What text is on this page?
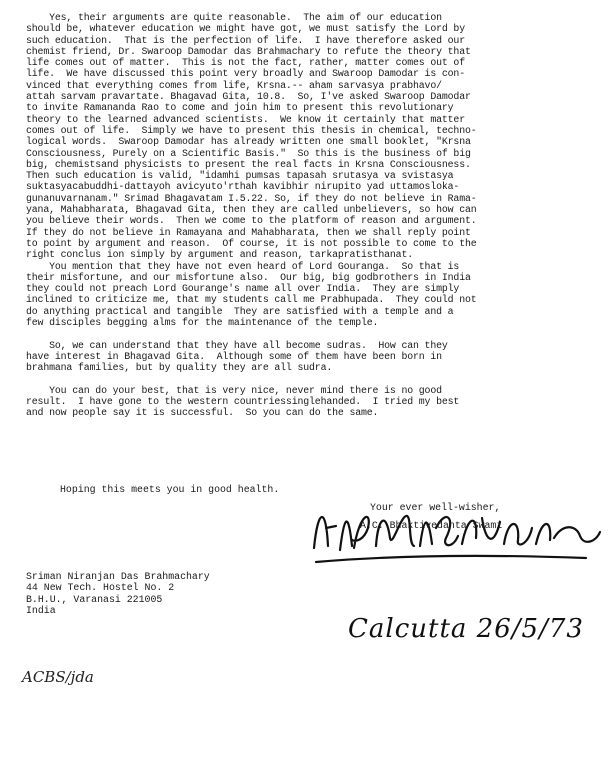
Yes, their arguments are quite reasonable.  The aim of our education
should be, whatever education we might have got, we must satisfy the Lord by
such education.  That is the perfection of life.  I have therefore asked our
chemist friend, Dr. Swaroop Damodar das Brahmachary to refute the theory that
life comes out of matter.  This is not the fact, rather, matter comes out of
life.  We have discussed this point very broadly and Swaroop Damodar is con-
vinced that everything comes from life, Krsna.-- aham sarvasya prabhavo/
attah sarvam pravartate. Bhagavad Gita, 10.8.  So, I've asked Swaroop Damodar
to invite Ramananda Rao to come and join him to present this revolutionary
theory to the learned advanced scientists.  We know it certainly that matter
comes out of life.  Simply we have to present this thesis in chemical, techno-
logical words.  Swaroop Damodar has already written one small booklet, "Krsna
Consciousness, Purely on a Scientific Basis."  So this is the business of big
big, chemistsand physicists to present the real facts in Krsna Consciousness.
Then such education is valid, "idamhi pumsas tapasah srutasya va svistasya
suktasyacabuddhi-dattayoh avicyuto'rthah kavibhir nirupito yad uttamosloka-
gunanuvarnanam." Srimad Bhagavatam I.5.22. So, if they do not believe in Rama-
yana, Mahabharata, Bhagavad Gita, then they are called unbelievers, so how can
you believe their words.  Then we come to the platform of reason and argument.
If they do not believe in Ramayana and Mahabharata, then we shall reply point
to point by argument and reason.  Of course, it is not possible to come to the
right conclus ion simply by argument and reason, tarkapratisthanat.
You mention that they have not even heard of Lord Gouranga.  So that is
their misfortune, and our misfortune also.  Our big, big godbrothers in India
they could not preach Lord Gourange's name all over India.  They are simply
inclined to criticize me, that my students call me Prabhupada.  They could not
do anything practical and tangible  They are satisfied with a temple and a
few disciples begging alms for the maintenance of the temple.
So, we can understand that they have all become sudras.  How can they
have interest in Bhagavad Gita.  Although some of them have been born in
brahmana families, but by quality they are all sudra.
You can do your best, that is very nice, never mind there is no good
result.  I have gone to the western countriessinglehanded.  I tried my best
and now people say it is successful.  So you can do the same.
Hoping this meets you in good health.
Your ever well-wisher,
A.C. Bhaktivedanta Swami
Sriman Niranjan Das Brahmachary
44 New Tech. Hostel No. 2
B.H.U., Varanasi 221005
India
Calcutta 26/5/73
ACBS/jda
